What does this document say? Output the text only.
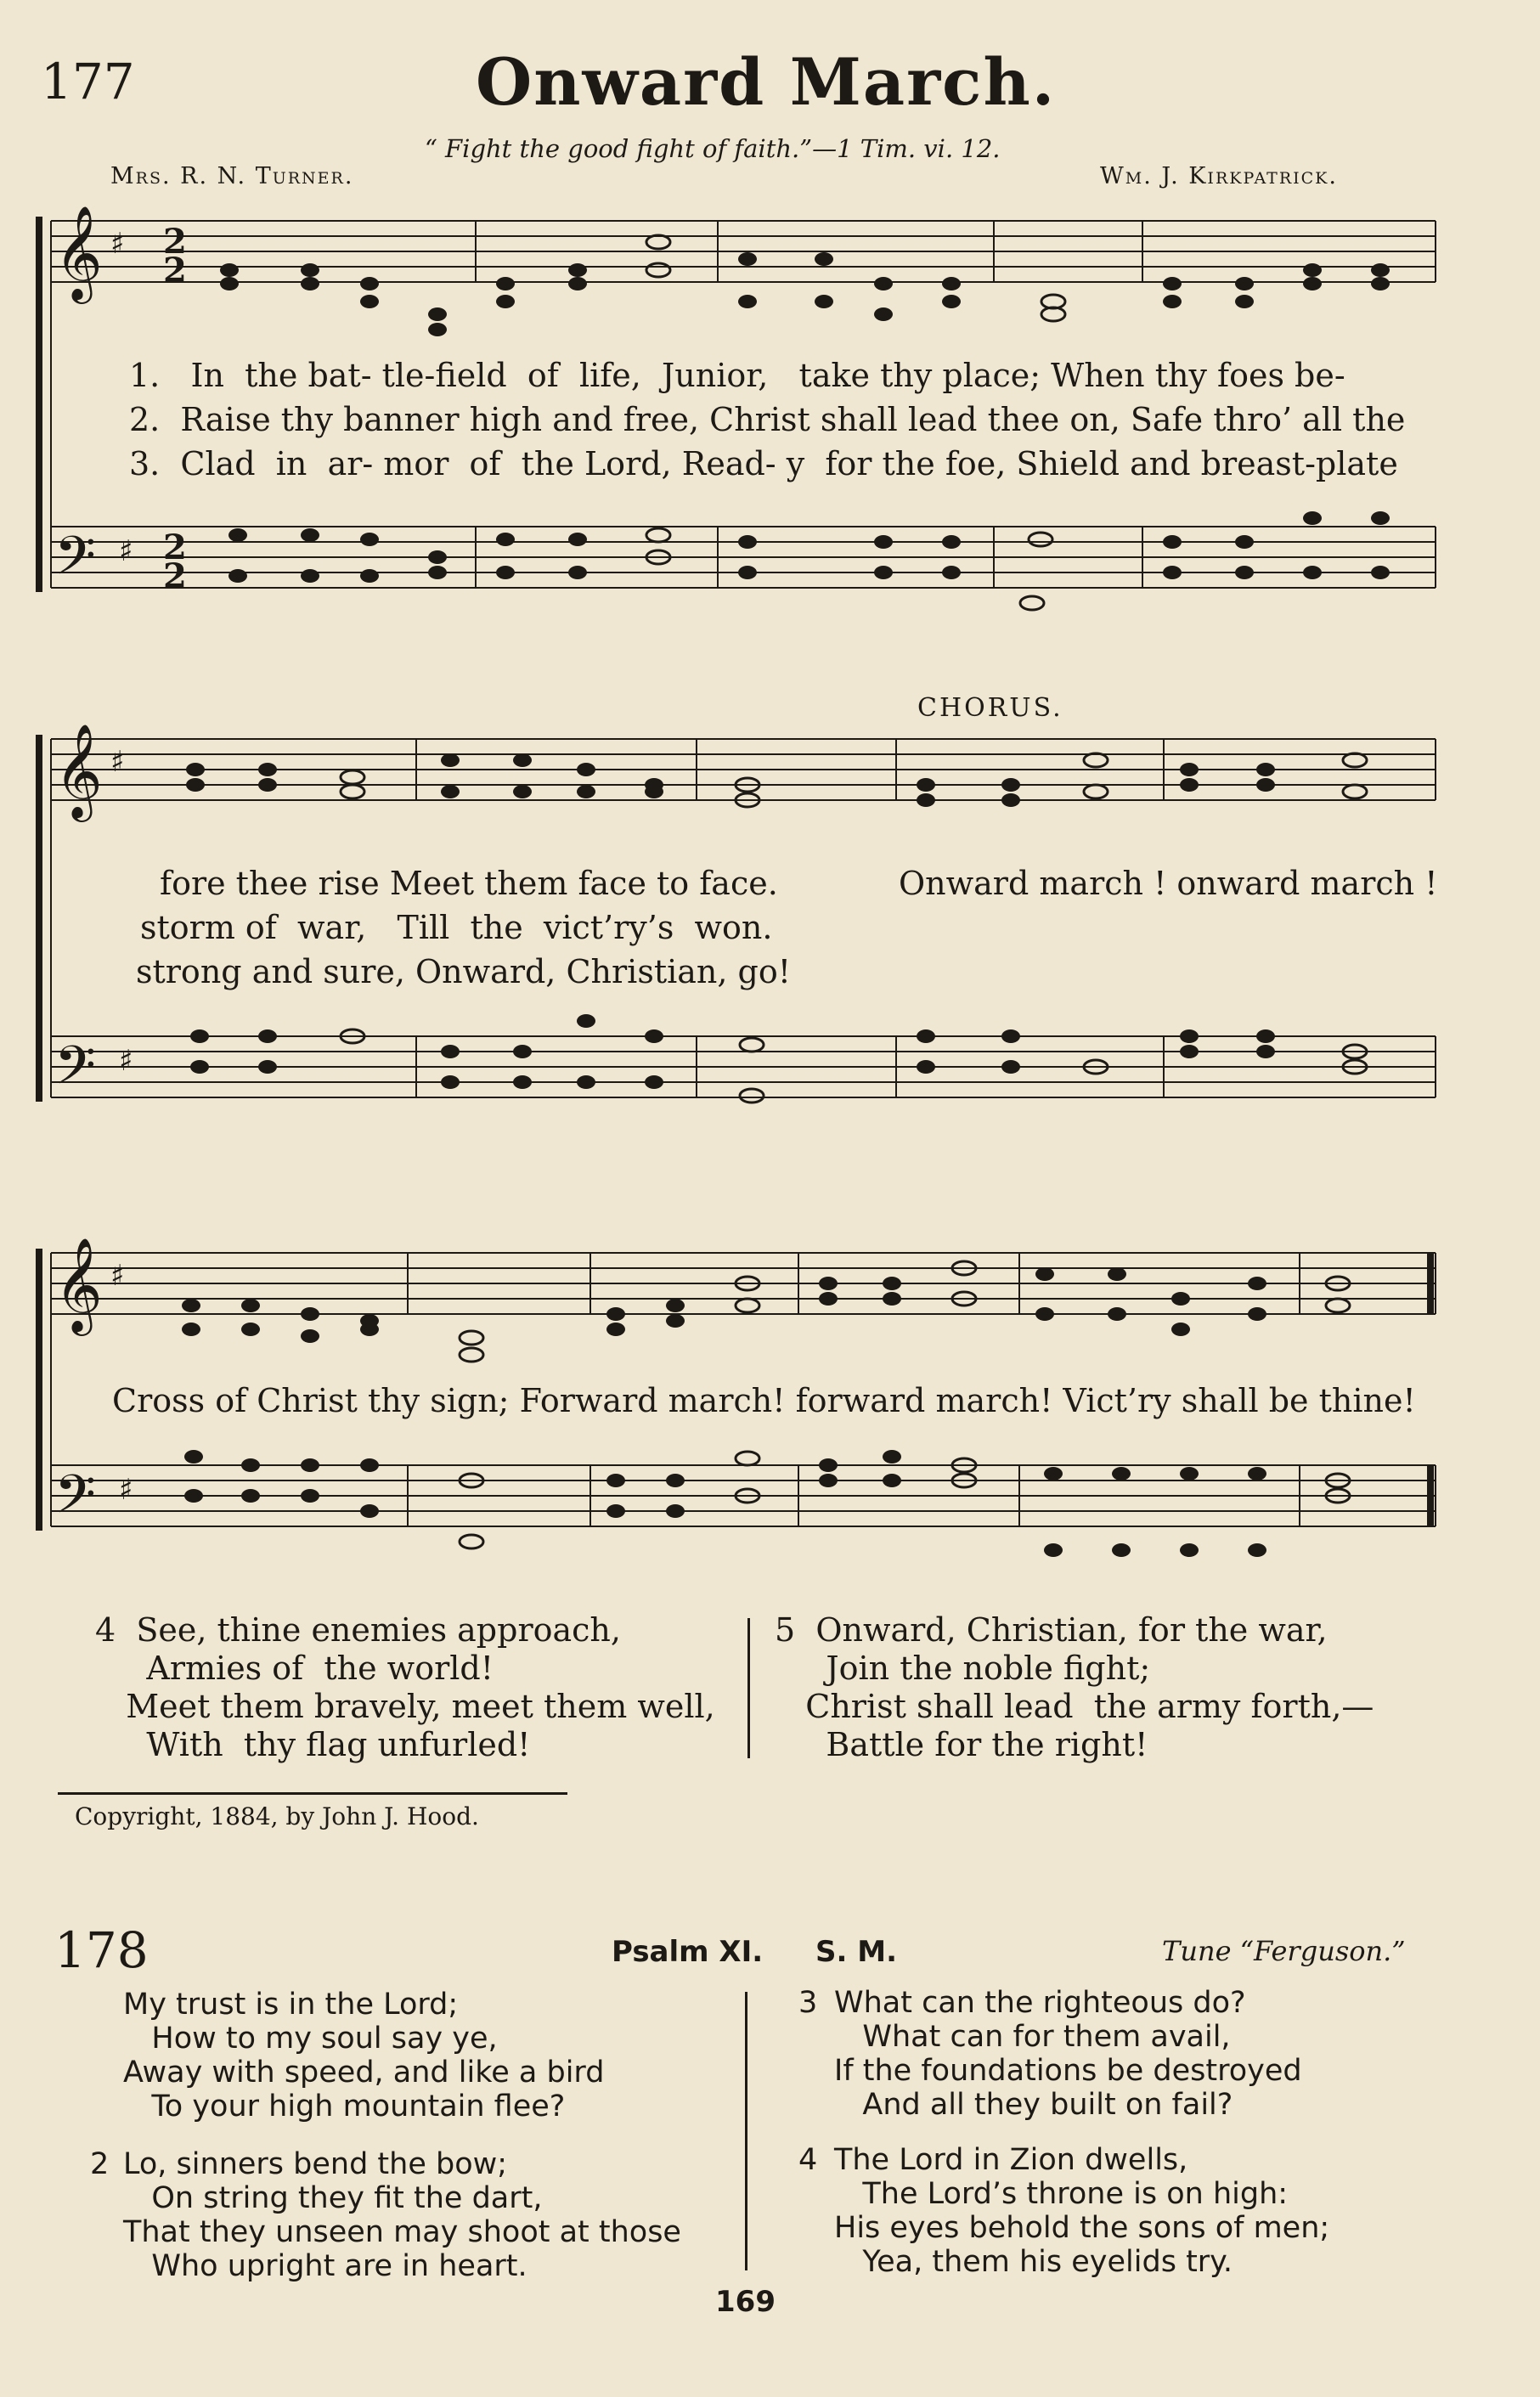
177	Onward March.
“ Fight the good fight of faith.”—1 Tim. vi. 12.
Mrs. R. N. Turner.	Wm. J. Kirkpatrick.
𝄞 ♯ 2
2
𝄢 ♯ 2
2
1.   In  the bat- tle-field  of  life,  Junior,   take thy place; When thy foes be-
2.  Raise thy banner high and free, Christ shall lead thee on, Safe thro’ all the
3.  Clad  in  ar- mor  of  the Lord, Read- y  for the foe, Shield and breast-plate
𝄞 ♯
𝄢 ♯
CHORUS.
fore thee rise Meet them face to face.
storm of  war,   Till  the  vict’ry’s  won.
strong and sure, Onward, Christian, go!
Onward march ! onward march !
𝄞 ♯
𝄢 ♯
Cross of Christ thy sign; Forward march! forward march! Vict’ry shall be thine!
4  See, thine enemies approach,
Armies of  the world!
Meet them bravely, meet them well,
With  thy flag unfurled!
5  Onward, Christian, for the war,
Join the noble fight;
Christ shall lead  the army forth,—
Battle for the right!
Copyright, 1884, by John J. Hood.
178	Psalm XI. S. M.	Tune “Ferguson.”
My trust is in the Lord;
How to my soul say ye,
Away with speed, and like a bird
To your high mountain flee?
2 Lo, sinners bend the bow;
On string they fit the dart,
That they unseen may shoot at those
Who upright are in heart.
3 What can the righteous do?
What can for them avail,
If the foundations be destroyed
And all they built on fail?
4 The Lord in Zion dwells,
The Lord’s throne is on high:
His eyes behold the sons of men;
Yea, them his eyelids try.
169
